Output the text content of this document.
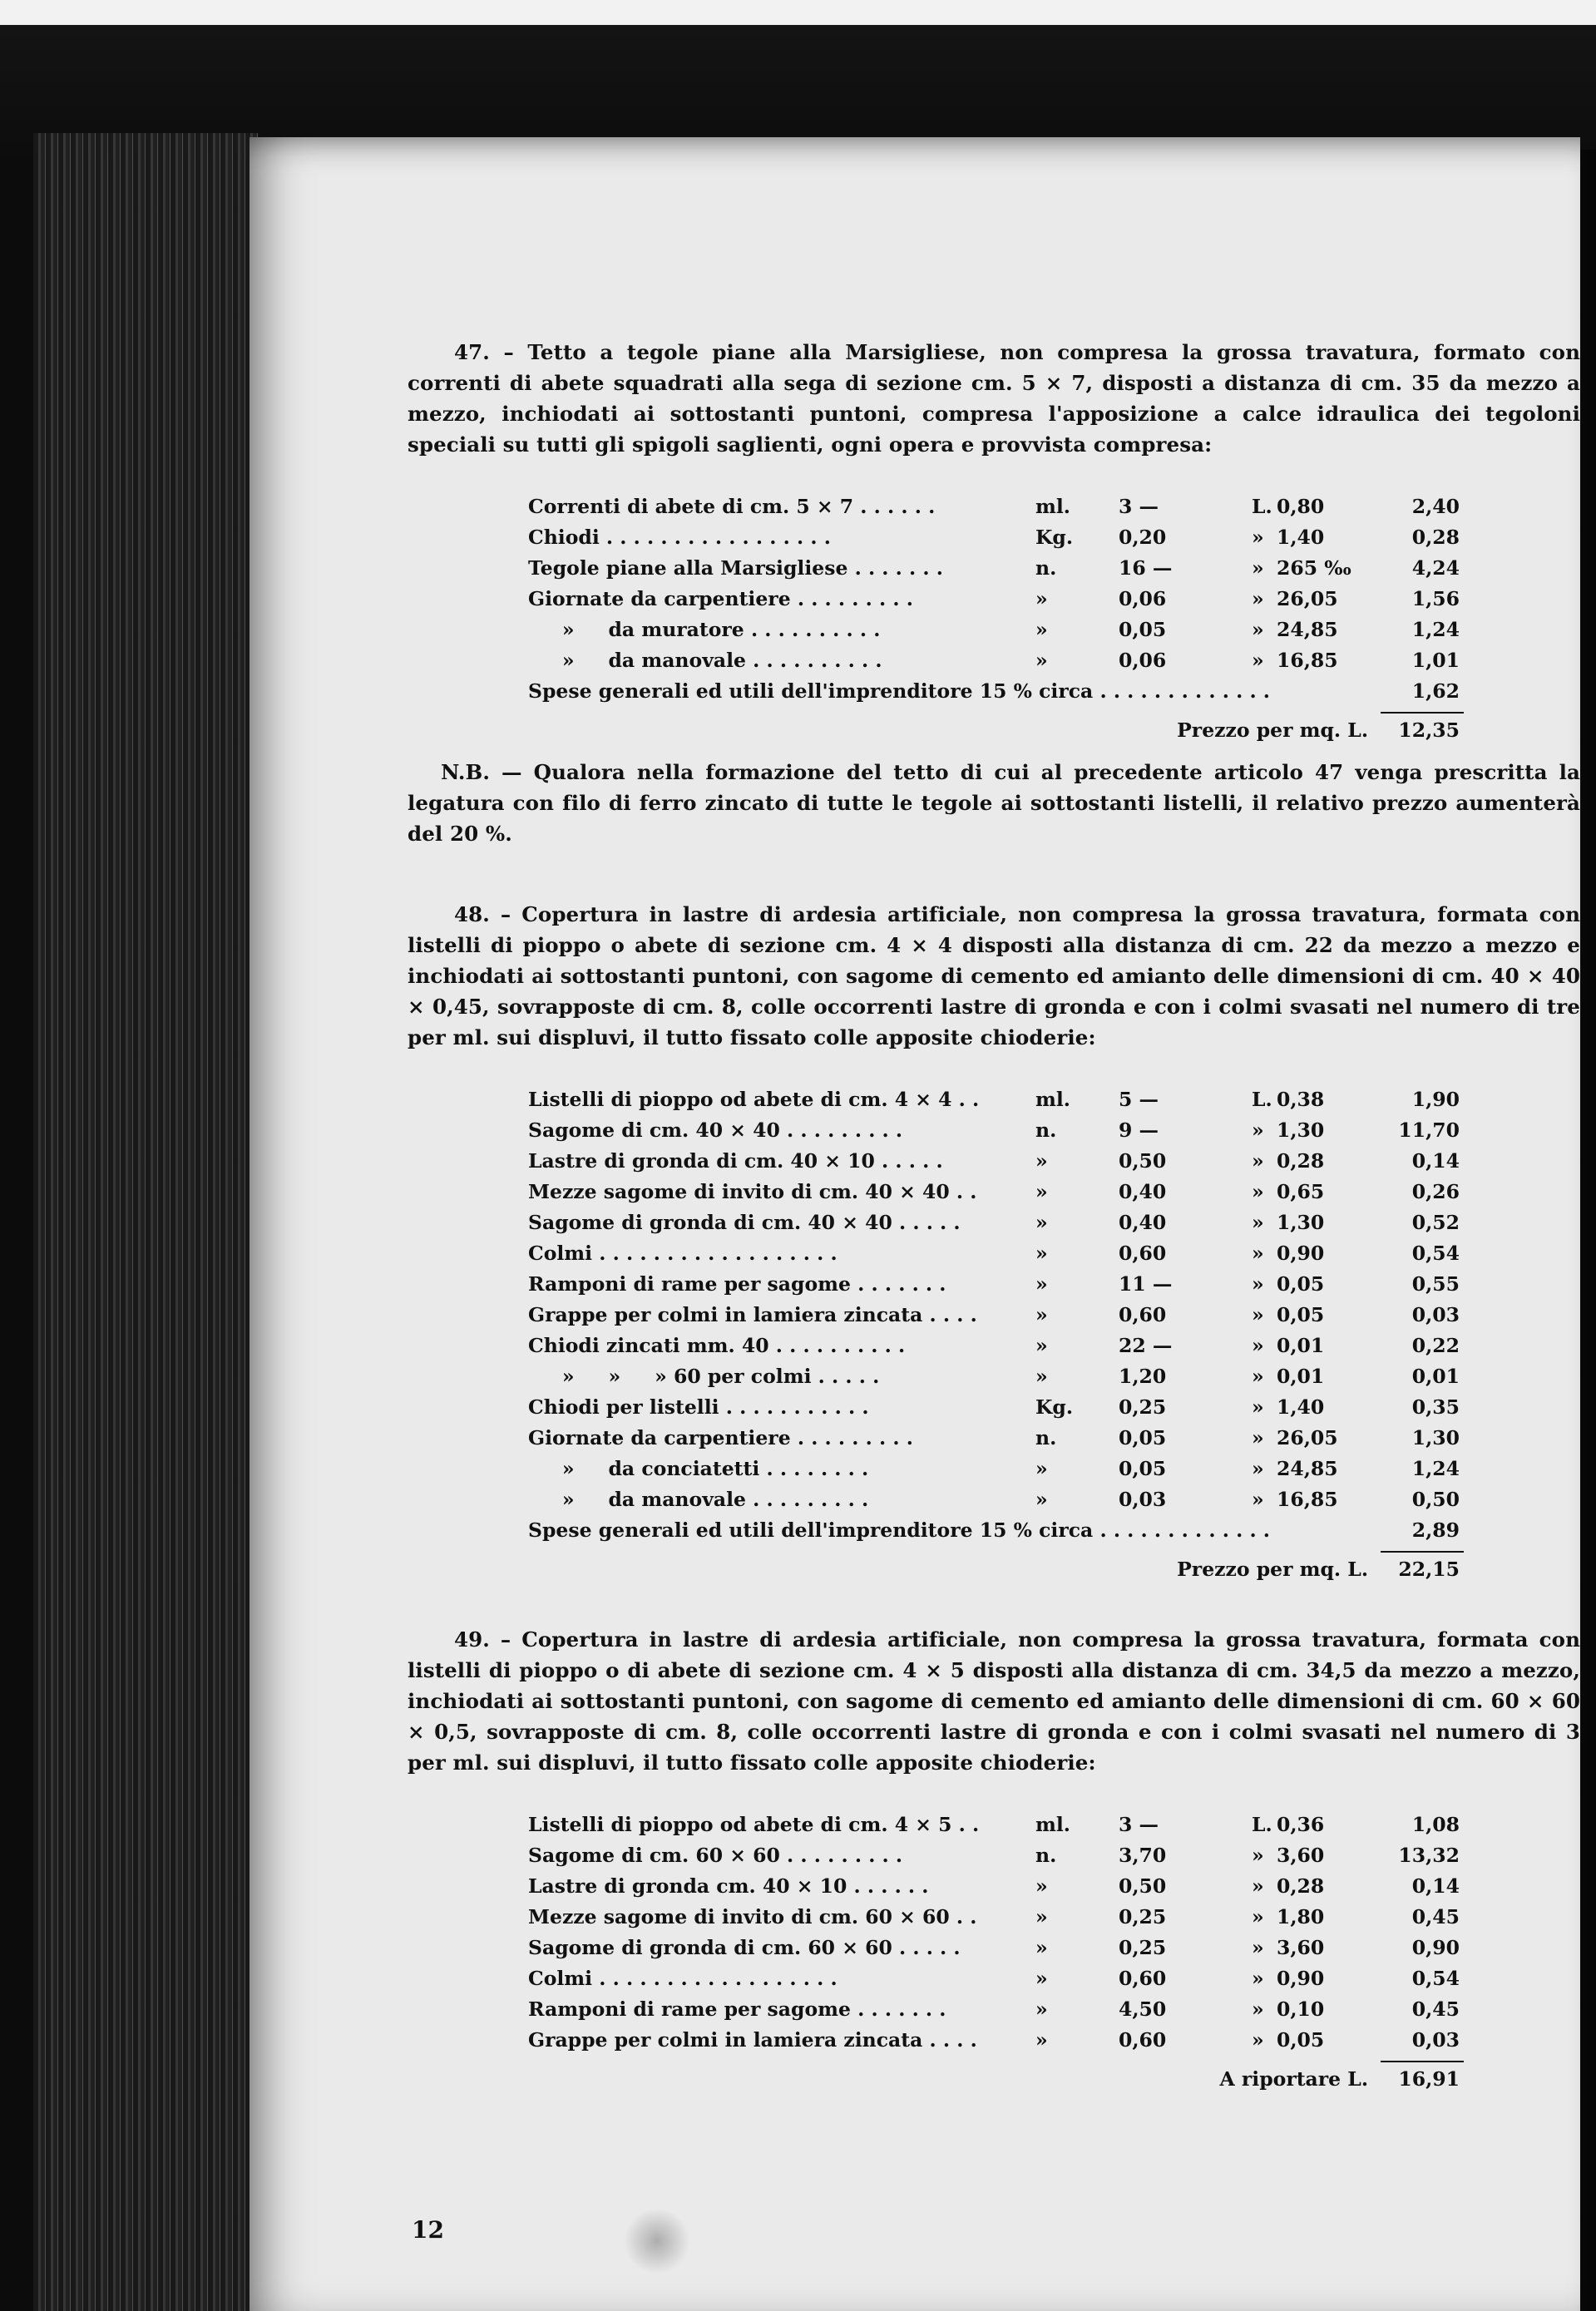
47. – Tetto a tegole piane alla Marsigliese, non compresa la grossa travatura, formato con correnti di abete squadrati alla sega di sezione cm. 5 × 7, disposti a distanza di cm. 35 da mezzo a mezzo, inchiodati ai sottostanti puntoni, compresa l'apposizione a calce idraulica dei tegoloni speciali su tutti gli spigoli saglienti, ogni opera e provvista compresa:

Correnti di abete di cm. 5 × 7 . . . . . .	ml. 3 —	L. 0,80	2,40
Chiodi . . . . . . . . . . . . . . . . .	Kg. 0,20	» 1,40	0,28
Tegole piane alla Marsigliese . . . . . . .	n.	16 —	» 265 ‰	4,24
Giornate da carpentiere . . . . . . . . .	»	0,06	» 26,05	1,56
»     da muratore . . . . . . . . . .	»	0,05	» 24,85	1,24
»     da manovale . . . . . . . . . .	»	0,06	» 16,85	1,01
Spese generali ed utili dell'imprenditore 15 % circa . . . . . . . . . . . . .	1,62
Prezzo per mq. L.	12,35

N.B. — Qualora nella formazione del tetto di cui al precedente articolo 47 venga prescritta la legatura con filo di ferro zincato di tutte le tegole ai sottostanti listelli, il relativo prezzo aumenterà del 20 %.

48. – Copertura in lastre di ardesia artificiale, non compresa la grossa travatura, formata con listelli di pioppo o abete di sezione cm. 4 × 4 disposti alla distanza di cm. 22 da mezzo a mezzo e inchiodati ai sottostanti puntoni, con sagome di cemento ed amianto delle dimensioni di cm. 40 × 40 × 0,45, sovrapposte di cm. 8, colle occorrenti lastre di gronda e con i colmi svasati nel numero di tre per ml. sui displuvi, il tutto fissato colle apposite chioderie:

Listelli di pioppo od abete di cm. 4 × 4 . .	ml. 5 —	L. 0,38	1,90
Sagome di cm. 40 × 40 . . . . . . . . .	n.	9 —	» 1,30	11,70
Lastre di gronda di cm. 40 × 10 . . . . .	»	0,50	» 0,28	0,14
Mezze sagome di invito di cm. 40 × 40 . .	»	0,40	» 0,65	0,26
Sagome di gronda di cm. 40 × 40 . . . . .	»	0,40	» 1,30	0,52
Colmi . . . . . . . . . . . . . . . . . .	»	0,60	» 0,90	0,54
Ramponi di rame per sagome . . . . . . .	»	11 —	» 0,05	0,55
Grappe per colmi in lamiera zincata . . . .	»	0,60	» 0,05	0,03
Chiodi zincati mm. 40 . . . . . . . . . .	»	22 —	» 0,01	0,22
»     »     » 60 per colmi . . . . .	»	1,20	» 0,01	0,01
Chiodi per listelli . . . . . . . . . . .	Kg. 0,25	» 1,40	0,35
Giornate da carpentiere . . . . . . . . .	n.	0,05	» 26,05	1,30
»     da conciatetti . . . . . . . .	»	0,05	» 24,85	1,24
»     da manovale . . . . . . . . .	»	0,03	» 16,85	0,50
Spese generali ed utili dell'imprenditore 15 % circa . . . . . . . . . . . . .	2,89
Prezzo per mq. L.	22,15

49. – Copertura in lastre di ardesia artificiale, non compresa la grossa travatura, formata con listelli di pioppo o di abete di sezione cm. 4 × 5 disposti alla distanza di cm. 34,5 da mezzo a mezzo, inchiodati ai sottostanti puntoni, con sagome di cemento ed amianto delle dimensioni di cm. 60 × 60 × 0,5, sovrapposte di cm. 8, colle occorrenti lastre di gronda e con i colmi svasati nel numero di 3 per ml. sui displuvi, il tutto fissato colle apposite chioderie:

Listelli di pioppo od abete di cm. 4 × 5 . .	ml. 3 —	L. 0,36	1,08
Sagome di cm. 60 × 60 . . . . . . . . .	n.	3,70	» 3,60	13,32
Lastre di gronda cm. 40 × 10 . . . . . .	»	0,50	» 0,28	0,14
Mezze sagome di invito di cm. 60 × 60 . .	»	0,25	» 1,80	0,45
Sagome di gronda di cm. 60 × 60 . . . . .	»	0,25	» 3,60	0,90
Colmi . . . . . . . . . . . . . . . . . .	»	0,60	» 0,90	0,54
Ramponi di rame per sagome . . . . . . .	»	4,50	» 0,10	0,45
Grappe per colmi in lamiera zincata . . . .	»	0,60	» 0,05	0,03
A riportare L.	16,91
12
